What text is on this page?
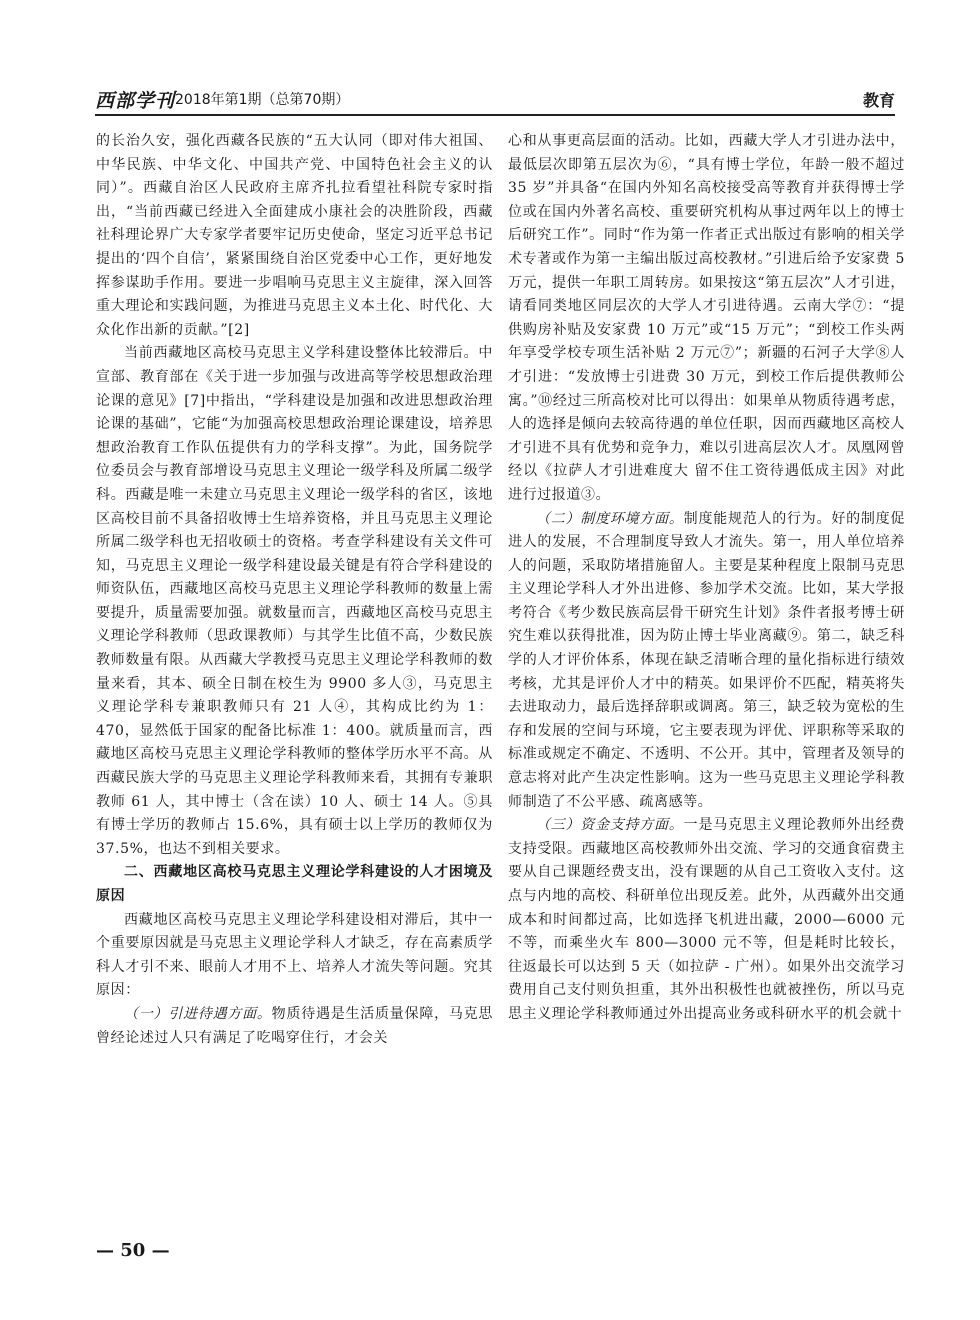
西部学刊 2018年第1期（总第70期）	教育

的长治久安，强化西藏各民族的“五大认同（即对伟大祖国、中华民族、中华文化、中国共产党、中国特色社会主义的认同）”。西藏自治区人民政府主席齐扎拉看望社科院专家时指出，“当前西藏已经进入全面建成小康社会的决胜阶段，西藏社科理论界广大专家学者要牢记历史使命，坚定习近平总书记提出的‘四个自信’，紧紧围绕自治区党委中心工作，更好地发挥参谋助手作用。要进一步唱响马克思主义主旋律，深入回答重大理论和实践问题，为推进马克思主义本土化、时代化、大众化作出新的贡献。”[2]

当前西藏地区高校马克思主义学科建设整体比较滞后。中宣部、教育部在《关于进一步加强与改进高等学校思想政治理论课的意见》[7]中指出，“学科建设是加强和改进思想政治理论课的基础”，它能“为加强高校思想政治理论课建设，培养思想政治教育工作队伍提供有力的学科支撑”。为此，国务院学位委员会与教育部增设马克思主义理论一级学科及所属二级学科。西藏是唯一未建立马克思主义理论一级学科的省区，该地区高校目前不具备招收博士生培养资格，并且马克思主义理论所属二级学科也无招收硕士的资格。考查学科建设有关文件可知，马克思主义理论一级学科建设最关键是有符合学科建设的师资队伍，西藏地区高校马克思主义理论学科教师的数量上需要提升，质量需要加强。就数量而言，西藏地区高校马克思主义理论学科教师（思政课教师）与其学生比值不高，少数民族教师数量有限。从西藏大学教授马克思主义理论学科教师的数量来看，其本、硕全日制在校生为 9900 多人③，马克思主义理论学科专兼职教师只有 21 人④，其构成比约为 1：470，显然低于国家的配备比标准 1：400。就质量而言，西藏地区高校马克思主义理论学科教师的整体学历水平不高。从西藏民族大学的马克思主义理论学科教师来看，其拥有专兼职教师 61 人，其中博士（含在读）10 人、硕士 14 人。⑤具有博士学历的教师占 15.6%，具有硕士以上学历的教师仅为 37.5%，也达不到相关要求。

二、西藏地区高校马克思主义理论学科建设的人才困境及原因

西藏地区高校马克思主义理论学科建设相对滞后，其中一个重要原因就是马克思主义理论学科人才缺乏，存在高素质学科人才引不来、眼前人才用不上、培养人才流失等问题。究其原因：

（一）引进待遇方面。物质待遇是生活质量保障，马克思曾经论述过人只有满足了吃喝穿住行，才会关

心和从事更高层面的活动。比如，西藏大学人才引进办法中，最低层次即第五层次为⑥，“具有博士学位，年龄一般不超过 35 岁”并具备“在国内外知名高校接受高等教育并获得博士学位或在国内外著名高校、重要研究机构从事过两年以上的博士后研究工作”。同时“作为第一作者正式出版过有影响的相关学术专著或作为第一主编出版过高校教材。”引进后给予安家费 5 万元，提供一年职工周转房。如果按这“第五层次”人才引进，请看同类地区同层次的大学人才引进待遇。云南大学⑦：“提供购房补贴及安家费 10 万元”或“15 万元”；“到校工作头两年享受学校专项生活补贴 2 万元⑦”；新疆的石河子大学⑧人才引进：“发放博士引进费 30 万元，到校工作后提供教师公寓。”⑩经过三所高校对比可以得出：如果单从物质待遇考虑，人的选择是倾向去较高待遇的单位任职，因而西藏地区高校人才引进不具有优势和竞争力，难以引进高层次人才。凤凰网曾经以《拉萨人才引进难度大 留不住工资待遇低成主因》对此进行过报道③。

（二）制度环境方面。制度能规范人的行为。好的制度促进人的发展，不合理制度导致人才流失。第一，用人单位培养人的问题，采取防堵措施留人。主要是某种程度上限制马克思主义理论学科人才外出进修、参加学术交流。比如，某大学报考符合《考少数民族高层骨干研究生计划》条件者报考博士研究生难以获得批准，因为防止博士毕业离藏⑨。第二，缺乏科学的人才评价体系，体现在缺乏清晰合理的量化指标进行绩效考核，尤其是评价人才中的精英。如果评价不匹配，精英将失去进取动力，最后选择辞职或调离。第三，缺乏较为宽松的生存和发展的空间与环境，它主要表现为评优、评职称等采取的标准或规定不确定、不透明、不公开。其中，管理者及领导的意志将对此产生决定性影响。这为一些马克思主义理论学科教师制造了不公平感、疏离感等。

（三）资金支持方面。一是马克思主义理论教师外出经费支持受限。西藏地区高校教师外出交流、学习的交通食宿费主要从自己课题经费支出，没有课题的从自己工资收入支付。这点与内地的高校、科研单位出现反差。此外，从西藏外出交通成本和时间都过高，比如选择飞机进出藏，2000—6000 元不等，而乘坐火车 800—3000 元不等，但是耗时比较长，往返最长可以达到 5 天（如拉萨 - 广州）。如果外出交流学习费用自己支付则负担重，其外出积极性也就被挫伤，所以马克思主义理论学科教师通过外出提高业务或科研水平的机会就十

— 50 —
